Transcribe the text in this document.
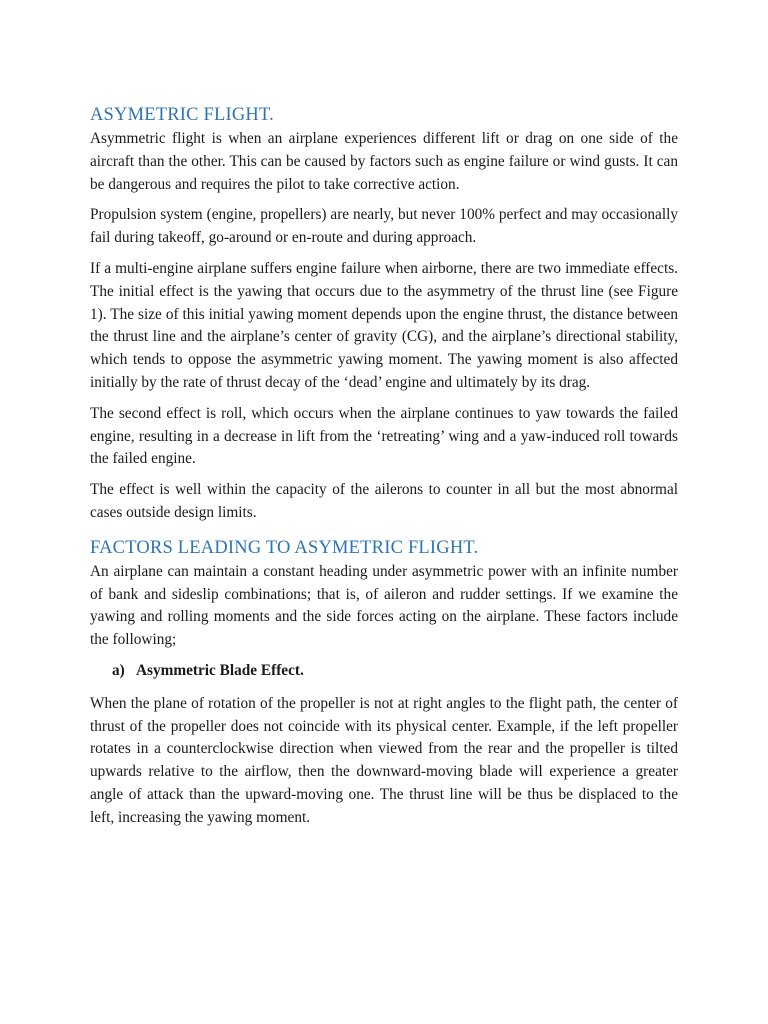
ASYMETRIC FLIGHT.

Asymmetric flight is when an airplane experiences different lift or drag on one side of the aircraft than the other. This can be caused by factors such as engine failure or wind gusts. It can be dangerous and requires the pilot to take corrective action.

Propulsion system (engine, propellers) are nearly, but never 100% perfect and may occasionally fail during takeoff, go-around or en-route and during approach.

If a multi-engine airplane suffers engine failure when airborne, there are two immediate effects. The initial effect is the yawing that occurs due to the asymmetry of the thrust line (see Figure 1). The size of this initial yawing moment depends upon the engine thrust, the distance between the thrust line and the airplane’s center of gravity (CG), and the airplane’s directional stability, which tends to oppose the asymmetric yawing moment. The yawing moment is also affected initially by the rate of thrust decay of the ‘dead’ engine and ultimately by its drag.

The second effect is roll, which occurs when the airplane continues to yaw towards the failed engine, resulting in a decrease in lift from the ‘retreating’ wing and a yaw-induced roll towards the failed engine.

The effect is well within the capacity of the ailerons to counter in all but the most abnormal cases outside design limits.

FACTORS LEADING TO ASYMETRIC FLIGHT.

An airplane can maintain a constant heading under asymmetric power with an infinite number of bank and sideslip combinations; that is, of aileron and rudder settings. If we examine the yawing and rolling moments and the side forces acting on the airplane. These factors include the following;

a) Asymmetric Blade Effect.

When the plane of rotation of the propeller is not at right angles to the flight path, the center of thrust of the propeller does not coincide with its physical center. Example, if the left propeller rotates in a counterclockwise direction when viewed from the rear and the propeller is tilted upwards relative to the airflow, then the downward-moving blade will experience a greater angle of attack than the upward-moving one. The thrust line will be thus be displaced to the left, increasing the yawing moment.
